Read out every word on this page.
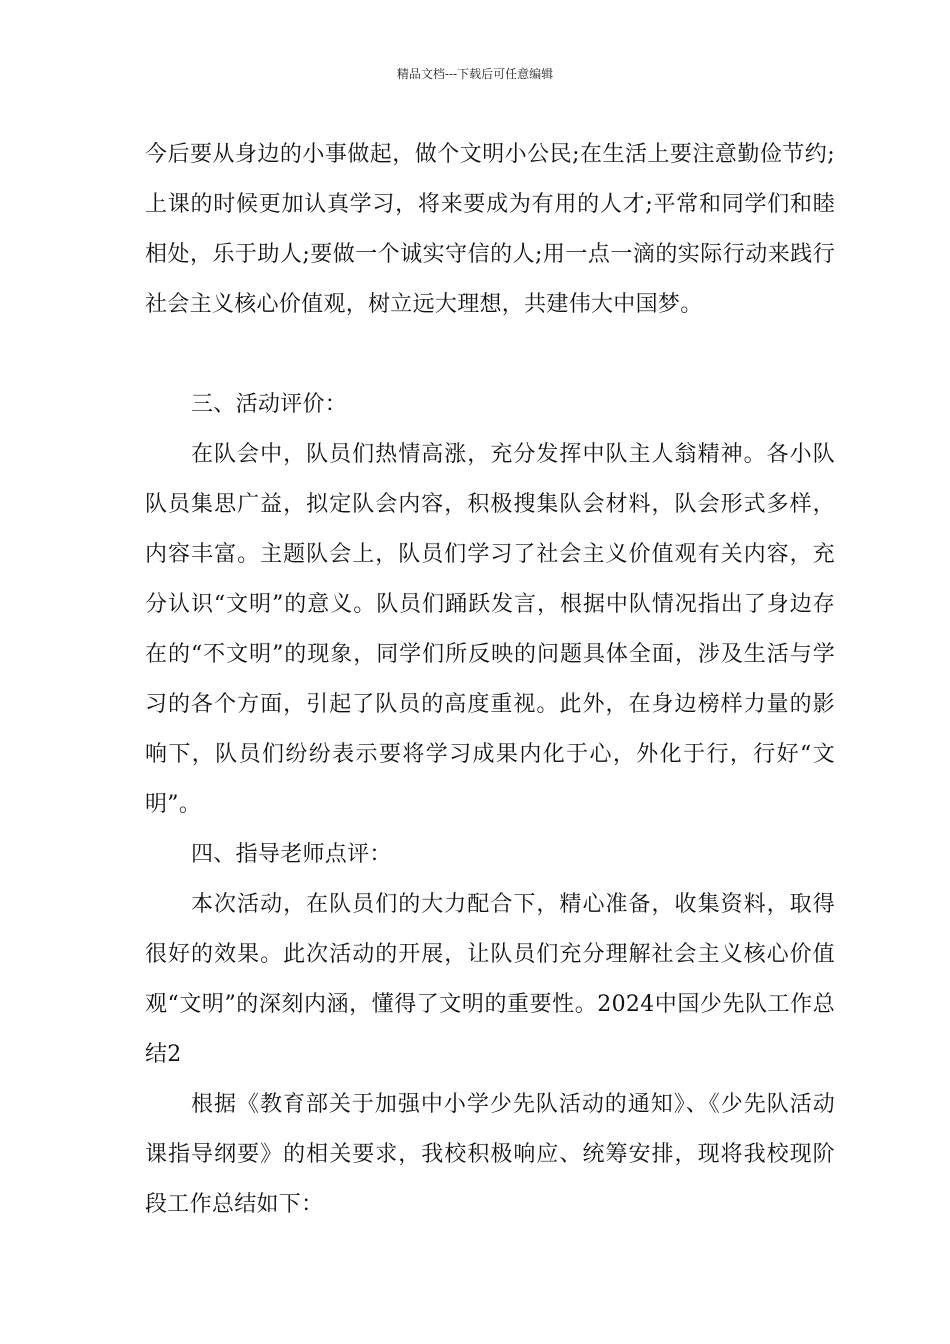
精品文档---下载后可任意编辑

今后要从身边的小事做起，做个文明小公民;在生活上要注意勤俭节约;上课的时候更加认真学习，将来要成为有用的人才;平常和同学们和睦相处，乐于助人;要做一个诚实守信的人;用一点一滴的实际行动来践行社会主义核心价值观，树立远大理想，共建伟大中国梦。

三、活动评价：

在队会中，队员们热情高涨，充分发挥中队主人翁精神。各小队队员集思广益，拟定队会内容，积极搜集队会材料，队会形式多样，内容丰富。主题队会上，队员们学习了社会主义价值观有关内容，充分认识“文明”的意义。队员们踊跃发言，根据中队情况指出了身边存在的“不文明”的现象，同学们所反映的问题具体全面，涉及生活与学习的各个方面，引起了队员的高度重视。此外，在身边榜样力量的影响下，队员们纷纷表示要将学习成果内化于心，外化于行，行好“文明”。

四、指导老师点评：

本次活动，在队员们的大力配合下，精心准备，收集资料，取得很好的效果。此次活动的开展，让队员们充分理解社会主义核心价值观“文明”的深刻内涵，懂得了文明的重要性。2024中国少先队工作总结2

根据《教育部关于加强中小学少先队活动的通知》、《少先队活动课指导纲要》的相关要求，我校积极响应、统筹安排，现将我校现阶段工作总结如下：
